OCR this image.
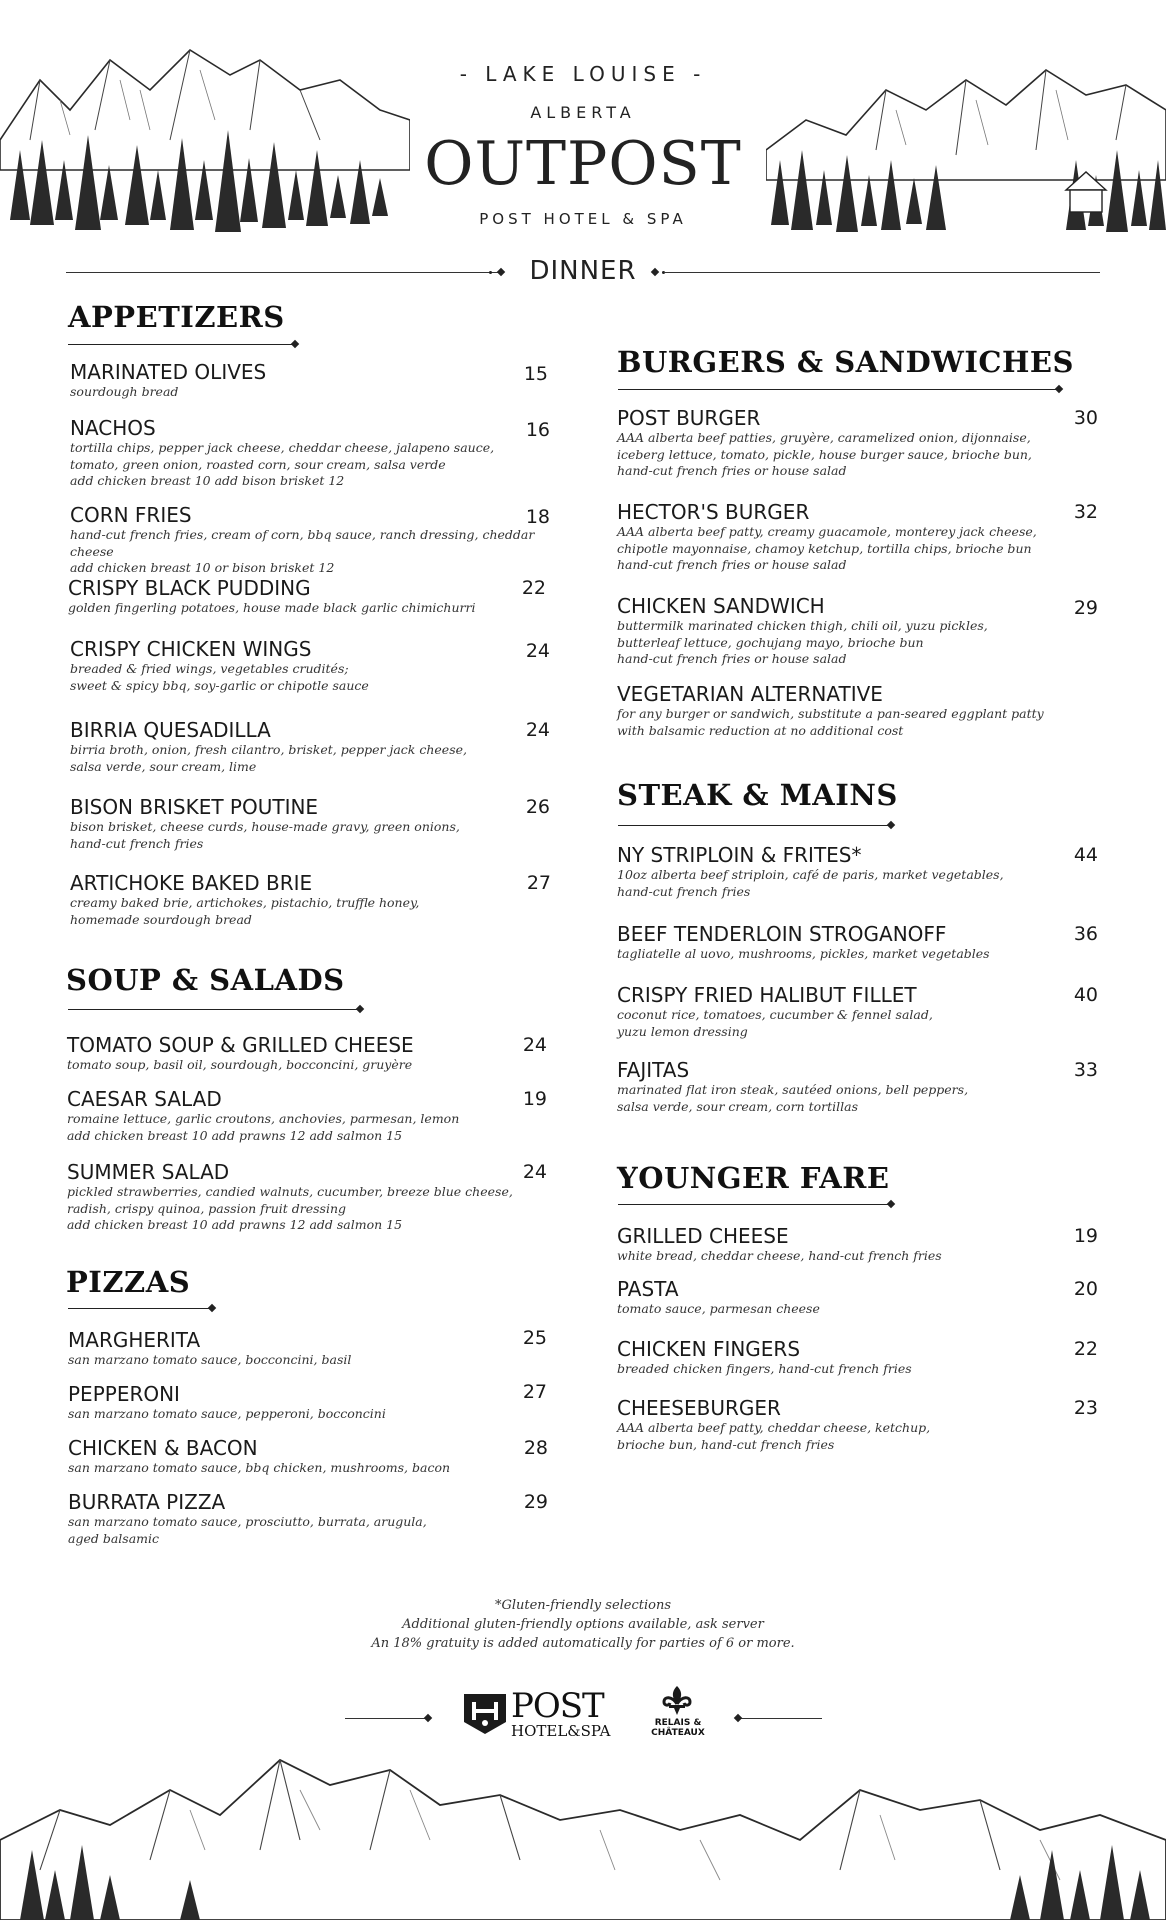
- LAKE LOUISE -
ALBERTA
OUTPOST
POST HOTEL & SPA
DINNER
APPETIZERS
MARINATED OLIVES
sourdough bread
15
NACHOS
tortilla chips, pepper jack cheese, cheddar cheese, jalapeno sauce,
tomato, green onion, roasted corn, sour cream, salsa verde
add chicken breast 10 add bison brisket 12
16
CORN FRIES
hand-cut french fries, cream of corn, bbq sauce, ranch dressing, cheddar cheese
add chicken breast 10 or bison brisket 12
18
CRISPY BLACK PUDDING
golden fingerling potatoes, house made black garlic chimichurri
22
CRISPY CHICKEN WINGS
breaded & fried wings, vegetables crudités;
sweet & spicy bbq, soy-garlic or chipotle sauce
24
BIRRIA QUESADILLA
birria broth, onion, fresh cilantro, brisket, pepper jack cheese,
salsa verde, sour cream, lime
24
BISON BRISKET POUTINE
bison brisket, cheese curds, house-made gravy, green onions,
hand-cut french fries
26
ARTICHOKE BAKED BRIE
creamy baked brie, artichokes, pistachio, truffle honey,
homemade sourdough bread
27
SOUP & SALADS
TOMATO SOUP & GRILLED CHEESE
tomato soup, basil oil, sourdough, bocconcini, gruyère
24
CAESAR SALAD
romaine lettuce, garlic croutons, anchovies, parmesan, lemon
add chicken breast 10 add prawns 12 add salmon 15
19
SUMMER SALAD
pickled strawberries, candied walnuts, cucumber, breeze blue cheese,
radish, crispy quinoa, passion fruit dressing
add chicken breast 10 add prawns 12 add salmon 15
24
PIZZAS
MARGHERITA
san marzano tomato sauce, bocconcini, basil
25
PEPPERONI
san marzano tomato sauce, pepperoni, bocconcini
27
CHICKEN & BACON
san marzano tomato sauce, bbq chicken, mushrooms, bacon
28
BURRATA PIZZA
san marzano tomato sauce, prosciutto, burrata, arugula,
aged balsamic
29
BURGERS & SANDWICHES
POST BURGER
AAA alberta beef patties, gruyère, caramelized onion, dijonnaise,
iceberg lettuce, tomato, pickle, house burger sauce, brioche bun,
hand-cut french fries or house salad
30
HECTOR'S BURGER
AAA alberta beef patty, creamy guacamole, monterey jack cheese,
chipotle mayonnaise, chamoy ketchup, tortilla chips, brioche bun
hand-cut french fries or house salad
32
CHICKEN SANDWICH
buttermilk marinated chicken thigh, chili oil, yuzu pickles,
butterleaf lettuce, gochujang mayo, brioche bun
hand-cut french fries or house salad
29
VEGETARIAN ALTERNATIVE
for any burger or sandwich, substitute a pan-seared eggplant patty
with balsamic reduction at no additional cost
STEAK & MAINS
NY STRIPLOIN & FRITES*
10oz alberta beef striploin, café de paris, market vegetables,
hand-cut french fries
44
BEEF TENDERLOIN STROGANOFF
tagliatelle al uovo, mushrooms, pickles, market vegetables
36
CRISPY FRIED HALIBUT FILLET
coconut rice, tomatoes, cucumber & fennel salad,
yuzu lemon dressing
40
FAJITAS
marinated flat iron steak, sautéed onions, bell peppers,
salsa verde, sour cream, corn tortillas
33
YOUNGER FARE
GRILLED CHEESE
white bread, cheddar cheese, hand-cut french fries
19
PASTA
tomato sauce, parmesan cheese
20
CHICKEN FINGERS
breaded chicken fingers, hand-cut french fries
22
CHEESEBURGER
AAA alberta beef patty, cheddar cheese, ketchup,
brioche bun, hand-cut french fries
23
*Gluten-friendly selections
Additional gluten-friendly options available, ask server
An 18% gratuity is added automatically for parties of 6 or more.
POST
HOTEL&SPA	RELAIS &
CHÂTEAUX
